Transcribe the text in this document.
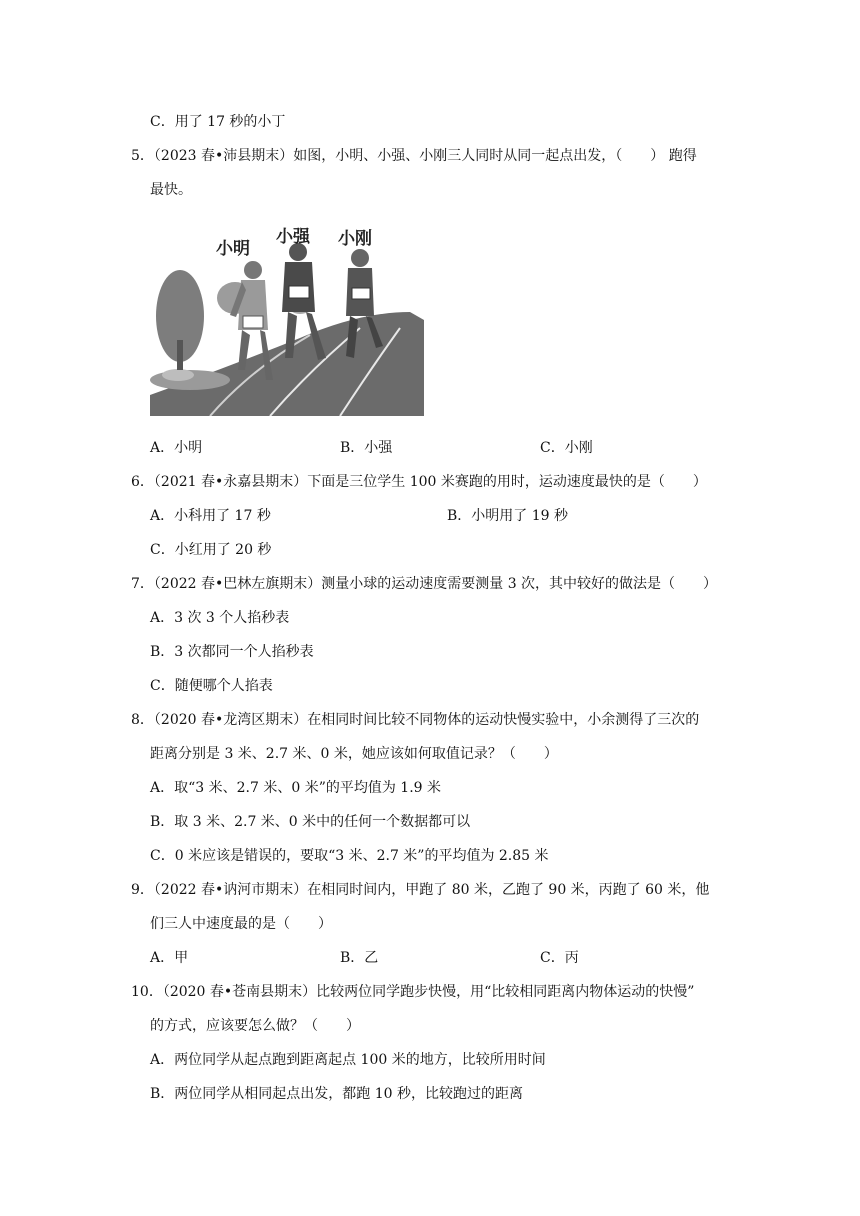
C．用了 17 秒的小丁
5．（2023 春•沛县期末）如图，小明、小强、小刚三人同时从同一起点出发，（　　） 跑得
最快。
小明
小强 小刚
A．小明	B．小强	C．小刚
6．（2021 春•永嘉县期末）下面是三位学生 100 米赛跑的用时，运动速度最快的是（　　）
A．小科用了 17 秒	B．小明用了 19 秒
C．小红用了 20 秒
7．（2022 春•巴林左旗期末）测量小球的运动速度需要测量 3 次，其中较好的做法是（　　）
A．3 次 3 个人掐秒表
B．3 次都同一个人掐秒表
C．随便哪个人掐表
8．（2020 春•龙湾区期末）在相同时间比较不同物体的运动快慢实验中，小余测得了三次的
距离分别是 3 米、2.7 米、0 米，她应该如何取值记录？（　　）
A．取“3 米、2.7 米、0 米”的平均值为 1.9 米
B．取 3 米、2.7 米、0 米中的任何一个数据都可以
C．0 米应该是错误的，要取“3 米、2.7 米”的平均值为 2.85 米
9．（2022 春•讷河市期末）在相同时间内，甲跑了 80 米，乙跑了 90 米，丙跑了 60 米，他
们三人中速度最的是（　　）
A．甲	B．乙	C．丙
10．（2020 春•苍南县期末）比较两位同学跑步快慢，用“比较相同距离内物体运动的快慢”
的方式，应该要怎么做？（　　）
A．两位同学从起点跑到距离起点 100 米的地方，比较所用时间
B．两位同学从相同起点出发，都跑 10 秒，比较跑过的距离
